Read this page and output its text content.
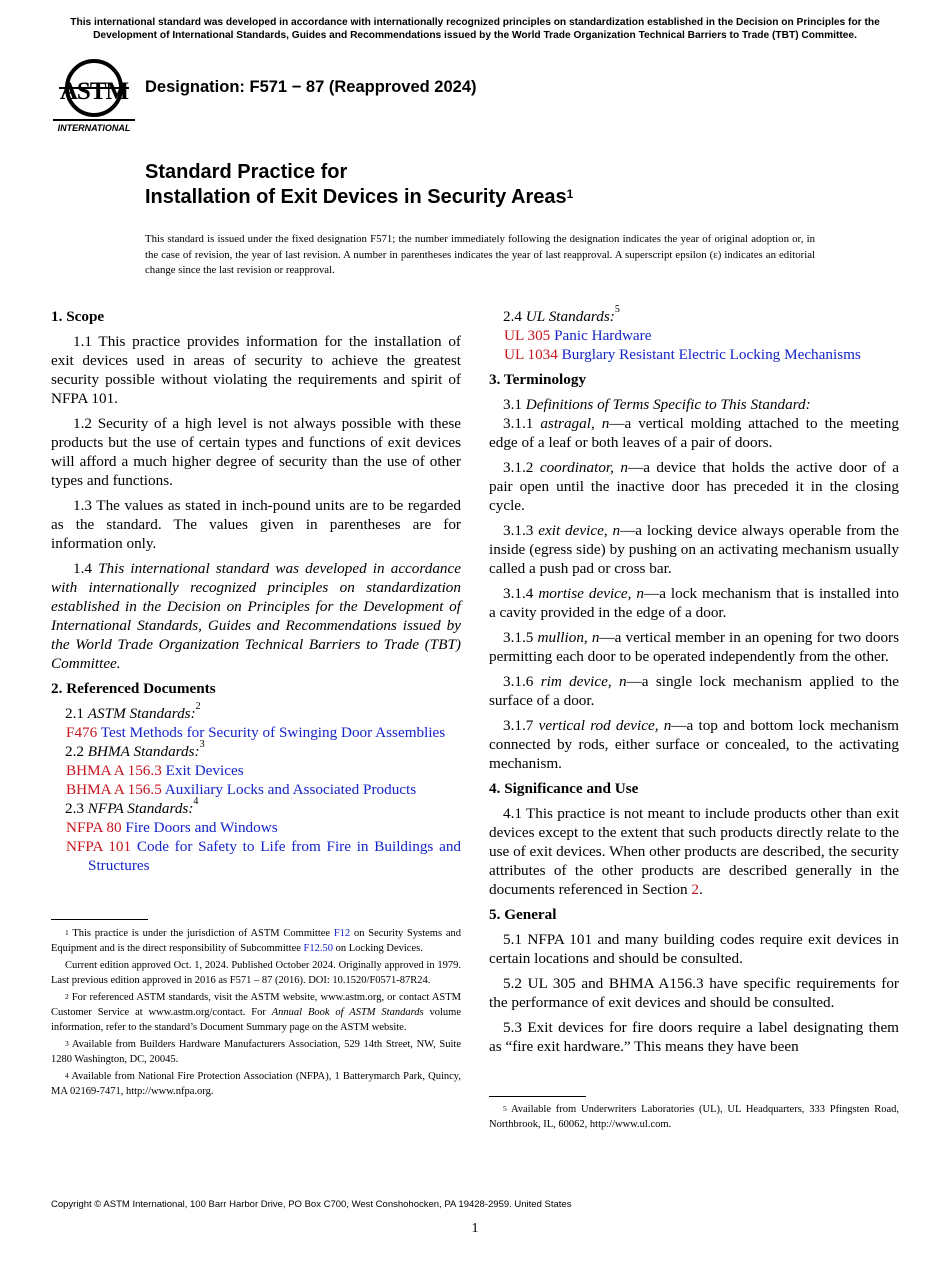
This international standard was developed in accordance with internationally recognized principles on standardization established in the Decision on Principles for the Development of International Standards, Guides and Recommendations issued by the World Trade Organization Technical Barriers to Trade (TBT) Committee.
ASTM
INTERNATIONAL
Designation: F571 − 87 (Reapproved 2024)
Standard Practice for
Installation of Exit Devices in Security Areas$^1$
This standard is issued under the fixed designation F571; the number immediately following the designation indicates the year of original adoption or, in the case of revision, the year of last revision. A number in parentheses indicates the year of last reapproval. A superscript epsilon (ε) indicates an editorial change since the last revision or reapproval.

1. Scope

1.1 This practice provides information for the installation of exit devices used in areas of security to achieve the greatest security possible without violating the requirements and spirit of NFPA 101.

1.2 Security of a high level is not always possible with these products but the use of certain types and functions of exit devices will afford a much higher degree of security than the use of other types and functions.

1.3 The values as stated in inch-pound units are to be regarded as the standard. The values given in parentheses are for information only.

1.4 This international standard was developed in accordance with internationally recognized principles on standardization established in the Decision on Principles for the Development of International Standards, Guides and Recommendations issued by the World Trade Organization Technical Barriers to Trade (TBT) Committee.

2. Referenced Documents

2.1 ASTM Standards:$^2$

F476 Test Methods for Security of Swinging Door Assemblies

2.2 BHMA Standards:$^3$

BHMA A 156.3 Exit Devices

BHMA A 156.5 Auxiliary Locks and Associated Products

2.3 NFPA Standards:$^4$

NFPA 80 Fire Doors and Windows

NFPA 101 Code for Safety to Life from Fire in Buildings and Structures

$^1$ This practice is under the jurisdiction of ASTM Committee F12 on Security Systems and Equipment and is the direct responsibility of Subcommittee F12.50 on Locking Devices.

Current edition approved Oct. 1, 2024. Published October 2024. Originally approved in 1979. Last previous edition approved in 2016 as F571 – 87 (2016). DOI: 10.1520/F0571-87R24.

$^2$ For referenced ASTM standards, visit the ASTM website, www.astm.org, or contact ASTM Customer Service at www.astm.org/contact. For Annual Book of ASTM Standards volume information, refer to the standard’s Document Summary page on the ASTM website.

$^3$ Available from Builders Hardware Manufacturers Association, 529 14th Street, NW, Suite 1280 Washington, DC, 20045.

$^4$ Available from National Fire Protection Association (NFPA), 1 Batterymarch Park, Quincy, MA 02169-7471, http://www.nfpa.org.

2.4 UL Standards:$^5$

UL 305 Panic Hardware

UL 1034 Burglary Resistant Electric Locking Mechanisms

3. Terminology

3.1 Definitions of Terms Specific to This Standard:

3.1.1 astragal, n—a vertical molding attached to the meeting edge of a leaf or both leaves of a pair of doors.

3.1.2 coordinator, n—a device that holds the active door of a pair open until the inactive door has preceded it in the closing cycle.

3.1.3 exit device, n—a locking device always operable from the inside (egress side) by pushing on an activating mechanism usually called a push pad or cross bar.

3.1.4 mortise device, n—a lock mechanism that is installed into a cavity provided in the edge of a door.

3.1.5 mullion, n—a vertical member in an opening for two doors permitting each door to be operated independently from the other.

3.1.6 rim device, n—a single lock mechanism applied to the surface of a door.

3.1.7 vertical rod device, n—a top and bottom lock mechanism connected by rods, either surface or concealed, to the activating mechanism.

4. Significance and Use

4.1 This practice is not meant to include products other than exit devices except to the extent that such products directly relate to the use of exit devices. When other products are described, the security attributes of the other products are described generally in the documents referenced in Section 2.

5. General

5.1 NFPA 101 and many building codes require exit devices in certain locations and should be consulted.

5.2 UL 305 and BHMA A156.3 have specific requirements for the performance of exit devices and should be consulted.

5.3 Exit devices for fire doors require a label designating them as “fire exit hardware.” This means they have been

$^5$ Available from Underwriters Laboratories (UL), UL Headquarters, 333 Pfingsten Road, Northbrook, IL, 60062, http://www.ul.com.

Copyright © ASTM International, 100 Barr Harbor Drive, PO Box C700, West Conshohocken, PA 19428-2959. United States
1
